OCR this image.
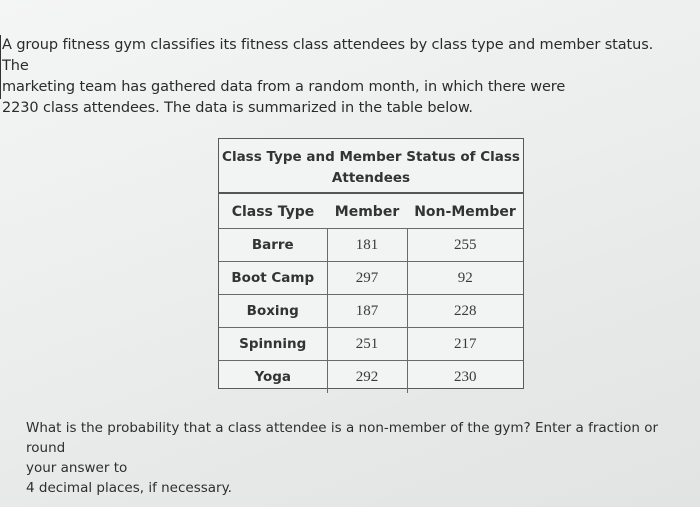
A group fitness gym classifies its fitness class attendees by class type and member status. The

marketing team has gathered data from a random month, in which there were

2230 class attendees. The data is summarized in the table below.

Class Type and Member Status of Class
Attendees
Class Type	Member	Non-Member
Barre	181	255
Boot Camp	297	92
Boxing	187	228
Spinning	251	217
Yoga	292	230

What is the probability that a class attendee is a non-member of the gym? Enter a fraction or round

your answer to

4 decimal places, if necessary.
